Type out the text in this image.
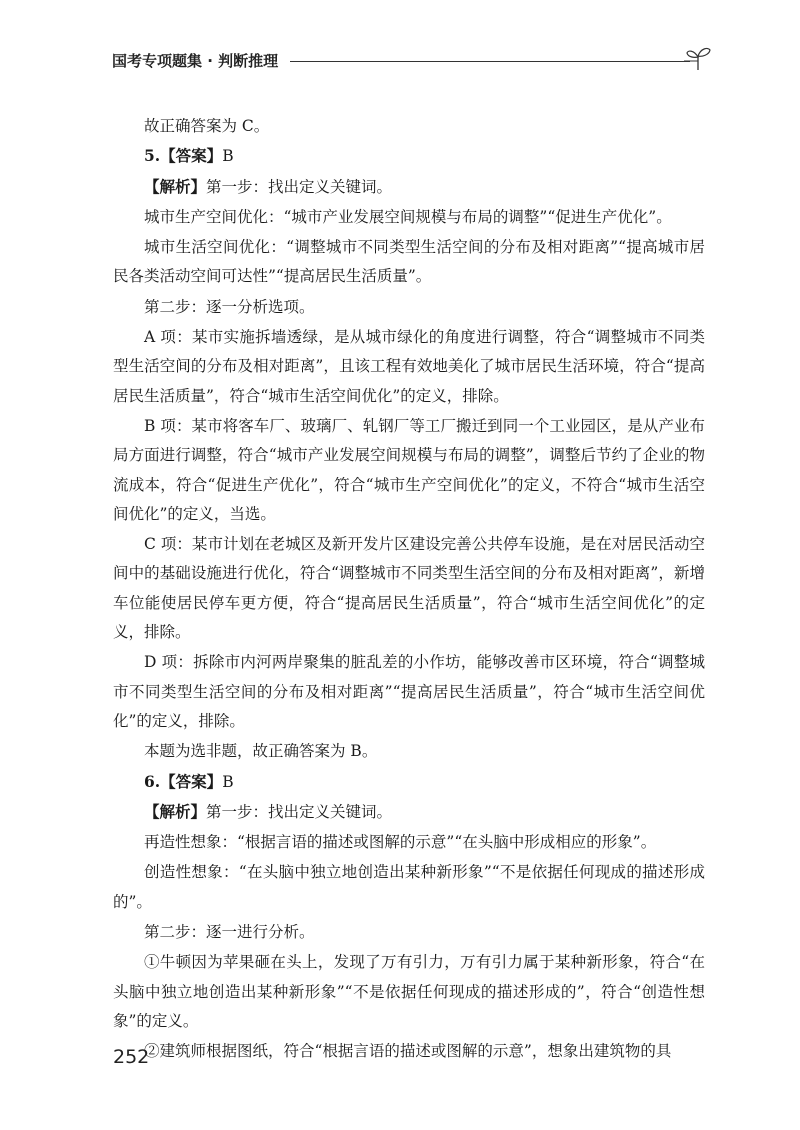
国考专项题集 · 判断推理

故正确答案为 C。

5.【答案】B

【解析】第一步：找出定义关键词。

城市生产空间优化：“城市产业发展空间规模与布局的调整”“促进生产优化”。

城市生活空间优化：“调整城市不同类型生活空间的分布及相对距离”“提高城市居民各类活动空间可达性”“提高居民生活质量”。

第二步：逐一分析选项。

A 项：某市实施拆墙透绿，是从城市绿化的角度进行调整，符合“调整城市不同类型生活空间的分布及相对距离”，且该工程有效地美化了城市居民生活环境，符合“提高居民生活质量”，符合“城市生活空间优化”的定义，排除。

B 项：某市将客车厂、玻璃厂、轧钢厂等工厂搬迁到同一个工业园区，是从产业布局方面进行调整，符合“城市产业发展空间规模与布局的调整”，调整后节约了企业的物流成本，符合“促进生产优化”，符合“城市生产空间优化”的定义，不符合“城市生活空间优化”的定义，当选。

C 项：某市计划在老城区及新开发片区建设完善公共停车设施，是在对居民活动空间中的基础设施进行优化，符合“调整城市不同类型生活空间的分布及相对距离”，新增车位能使居民停车更方便，符合“提高居民生活质量”，符合“城市生活空间优化”的定义，排除。

D 项：拆除市内河两岸聚集的脏乱差的小作坊，能够改善市区环境，符合“调整城市不同类型生活空间的分布及相对距离”“提高居民生活质量”，符合“城市生活空间优化”的定义，排除。

本题为选非题，故正确答案为 B。

6.【答案】B

【解析】第一步：找出定义关键词。

再造性想象：“根据言语的描述或图解的示意”“在头脑中形成相应的形象”。

创造性想象：“在头脑中独立地创造出某种新形象”“不是依据任何现成的描述形成的”。

第二步：逐一进行分析。

①牛顿因为苹果砸在头上，发现了万有引力，万有引力属于某种新形象，符合“在头脑中独立地创造出某种新形象”“不是依据任何现成的描述形成的”，符合“创造性想象”的定义。

②建筑师根据图纸，符合“根据言语的描述或图解的示意”，想象出建筑物的具

252
